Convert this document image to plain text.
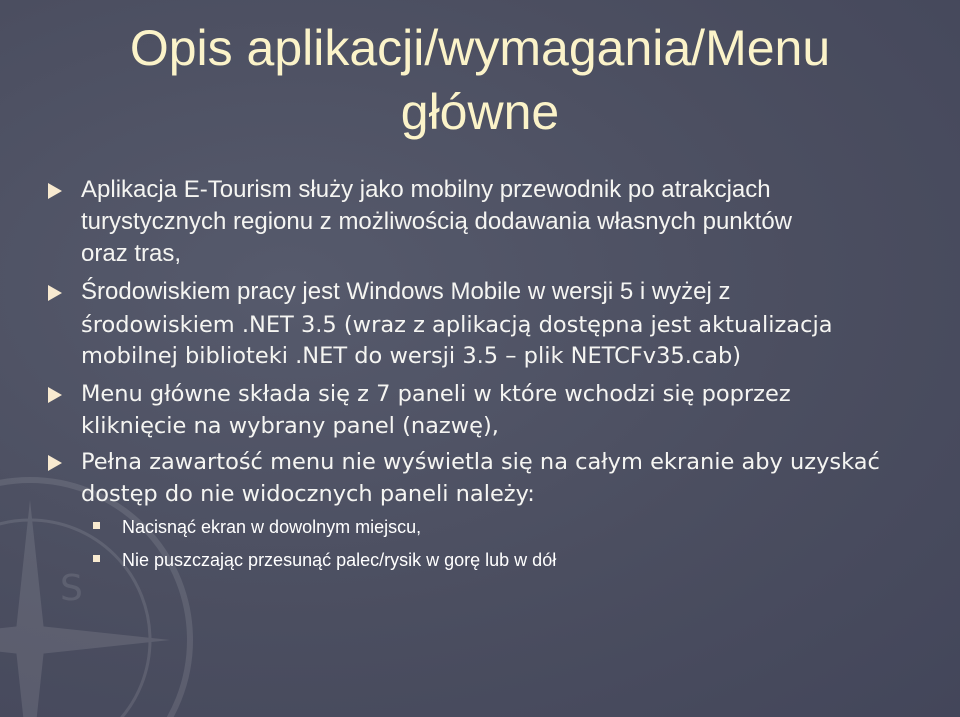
S
Opis aplikacji/wymagania/Menu
główne
Aplikacja E-Tourism służy jako mobilny przewodnik po atrakcjach
turystycznych regionu z możliwością dodawania własnych punktów
oraz tras,
Środowiskiem pracy jest Windows Mobile w wersji 5 i wyżej z
środowiskiem .NET 3.5 (wraz z aplikacją dostępna jest aktualizacja
mobilnej biblioteki .NET do wersji 3.5 – plik NETCFv35.cab)
Menu główne składa się z 7 paneli w które wchodzi się poprzez
kliknięcie na wybrany panel (nazwę),
Pełna zawartość menu nie wyświetla się na całym ekranie aby uzyskać
dostęp do nie widocznych paneli należy:
Nacisnąć ekran w dowolnym miejscu,
Nie puszczając przesunąć palec/rysik w gorę lub w dół
